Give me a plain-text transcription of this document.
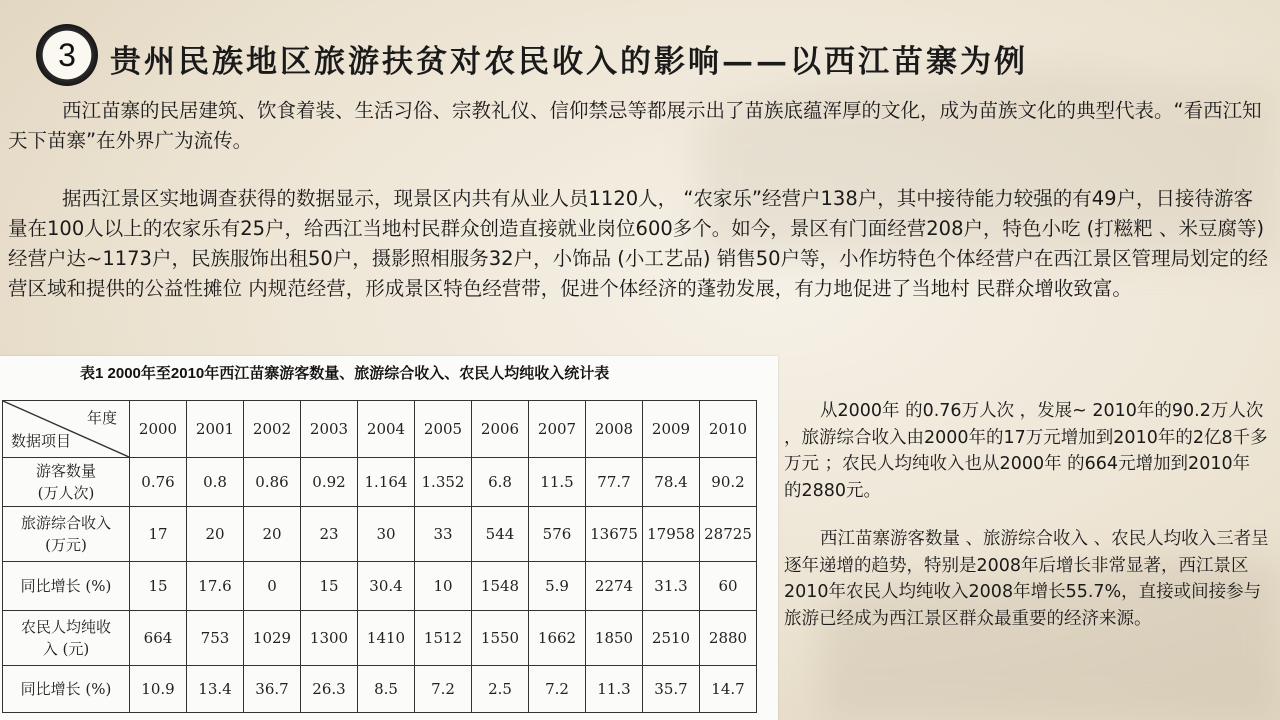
3	贵州民族地区旅游扶贫对农民收入的影响——以西江苗寨为例
西江苗寨的民居建筑、饮食着装、生活习俗、宗教礼仪、信仰禁忌等都展示出了苗族底蕴浑厚的文化，成为苗族文化的典型代表。“看西江知天下苗寨”在外界广为流传。
据西江景区实地调查获得的数据显示，现景区内共有从业人员1120人， “农家乐”经营户138户，其中接待能力较强的有49户，日接待游客量在100人以上的农家乐有25户，给西江当地村民群众创造直接就业岗位600多个。如今，景区有门面经营208户，特色小吃 (打糍粑 、米豆腐等) 经营户达~1173户，民族服饰出租50户，摄影照相服务32户，小饰品 (小工艺品) 销售50户等，小作坊特色个体经营户在西江景区管理局划定的经营区域和提供的公益性摊位 内规范经营，形成景区特色经营带，促进个体经济的蓬勃发展，有力地促进了当地村 民群众增收致富。
表1 2000年至2010年西江苗寨游客数量、旅游综合收入、农民人均纯收入统计表
年度
数据项目	2000	2001	2002	2003	2004	2005	2006	2007	2008	2009	2010
游客数量
(万人次)	0.76	0.8	0.86	0.92	1.164	1.352	6.8	11.5	77.7	78.4	90.2
旅游综合收入
(万元)	17	20	20	23	30	33	544	576	13675	17958	28725
同比增长 (%)	15	17.6	0	15	30.4	10	1548	5.9	2274	31.3	60
农民人均纯收
入 (元)	664	753	1029	1300	1410	1512	1550	1662	1850	2510	2880
同比增长 (%)	10.9	13.4	36.7	26.3	8.5	7.2	2.5	7.2	11.3	35.7	14.7
从2000年 的0.76万人次 ，发展~ 2010年的90.2万人次 ，旅游综合收入由2000年的17万元增加到2010年的2亿8千多万元 ；农民人均纯收入也从2000年 的664元增加到2010年 的2880元。
西江苗寨游客数量 、旅游综合收入 、农民人均收入三者呈逐年递增的趋势，特别是2008年后增长非常显著，西江景区2010年农民人均纯收入2008年增长55.7%，直接或间接参与旅游已经成为西江景区群众最重要的经济来源。
